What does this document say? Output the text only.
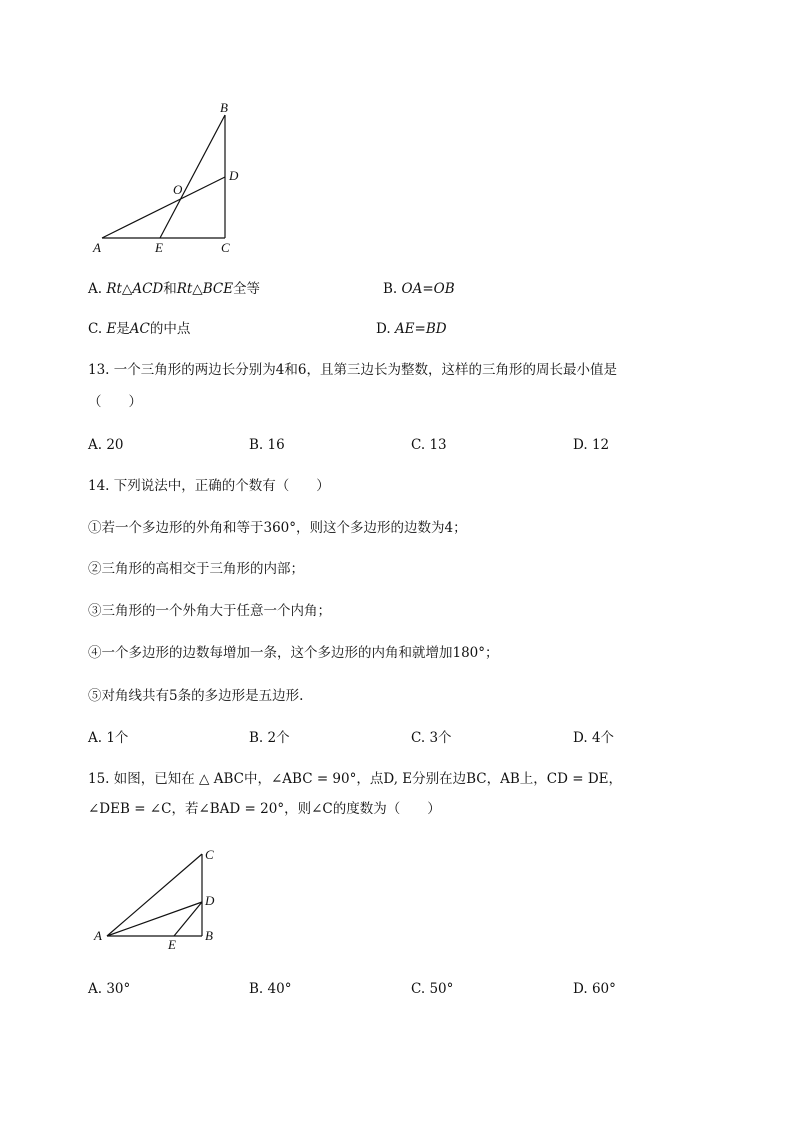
B
D
O
A	E	C
A. Rt△ACD和Rt△BCE全等	B. OA=OB
C. E是AC的中点	D. AE=BD
13. 一个三角形的两边长分别为4和6，且第三边长为整数，这样的三角形的周长最小值是
（　　）
A. 20	B. 16	C. 13	D. 12
14. 下列说法中，正确的个数有（　　）
①若一个多边形的外角和等于360°，则这个多边形的边数为4；
②三角形的高相交于三角形的内部；
③三角形的一个外角大于任意一个内角；
④一个多边形的边数每增加一条，这个多边形的内角和就增加180°；
⑤对角线共有5条的多边形是五边形.
A. 1个	B. 2个	C. 3个	D. 4个
15. 如图，已知在 △ ABC中，∠ABC = 90°，点D, E分别在边BC，AB上，CD = DE，
∠DEB = ∠C，若∠BAD = 20°，则∠C的度数为（　　）
C
D
A
E
B
A. 30°	B. 40°	C. 50°	D. 60°
